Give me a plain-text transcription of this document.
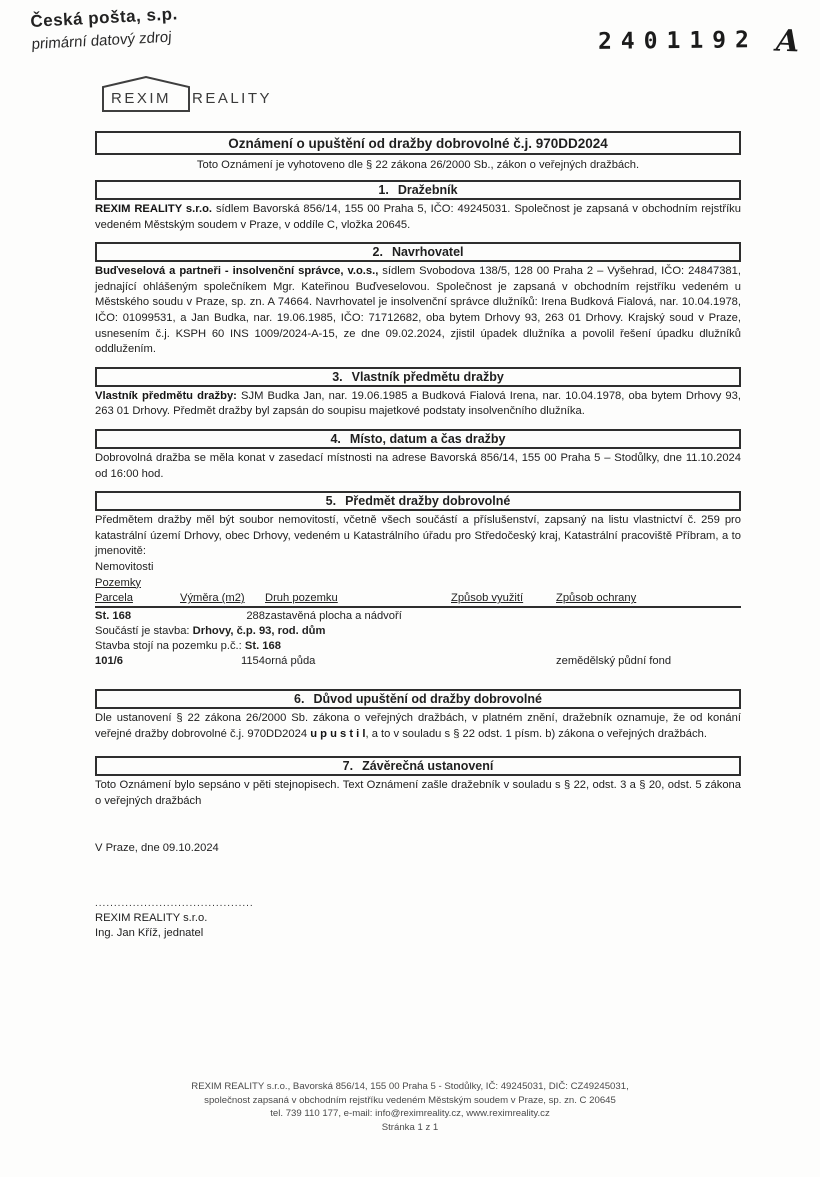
Česká pošta, s.p.
primární datový zdroj	2401192 A
REXIM REALITY
Oznámení o upuštění od dražby dobrovolné č.j. 970DD2024
Toto Oznámení je vyhotoveno dle § 22 zákona 26/2000 Sb., zákon o veřejných dražbách.
1. Dražebník

REXIM REALITY s.r.o. sídlem Bavorská 856/14, 155 00 Praha 5, IČO: 49245031. Společnost je zapsaná v obchodním rejstříku vedeném Městským soudem v Praze, v oddíle C, vložka 20645.

2. Navrhovatel

Buďveselová a partneři - insolvenční správce, v.o.s., sídlem Svobodova 138/5, 128 00 Praha 2 – Vyšehrad, IČO: 24847381, jednající ohlášeným společníkem Mgr. Kateřinou Buďveselovou. Společnost je zapsaná v obchodním rejstříku vedeném u Městského soudu v Praze, sp. zn. A 74664. Navrhovatel je insolvenční správce dlužníků: Irena Budková Fialová, nar. 10.04.1978, IČO: 01099531, a Jan Budka, nar. 19.06.1985, IČO: 71712682, oba bytem Drhovy 93, 263 01 Drhovy. Krajský soud v Praze, usnesením č.j. KSPH 60 INS 1009/2024-A-15, ze dne 09.02.2024, zjistil úpadek dlužníka a povolil řešení úpadku dlužníků oddlužením.

3. Vlastník předmětu dražby

Vlastník předmětu dražby: SJM Budka Jan, nar. 19.06.1985 a Budková Fialová Irena, nar. 10.04.1978, oba bytem Drhovy 93, 263 01 Drhovy. Předmět dražby byl zapsán do soupisu majetkové podstaty insolvenčního dlužníka.

4. Místo, datum a čas dražby

Dobrovolná dražba se měla konat v zasedací místnosti na adrese Bavorská 856/14, 155 00 Praha 5 – Stodůlky, dne 11.10.2024 od 16:00 hod.

5. Předmět dražby dobrovolné

Předmětem dražby měl být soubor nemovitostí, včetně všech součástí a příslušenství, zapsaný na listu vlastnictví č. 259 pro katastrální území Drhovy, obec Drhovy, vedeném u Katastrálního úřadu pro Středočeský kraj, Katastrální pracoviště Příbram, a to jmenovitě:

Nemovitosti

Pozemky

Parcela	Výměra (m2)	Druh pozemku	Způsob využití	Způsob ochrany
St. 168	288	zastavěná plocha a nádvoří		
Součástí je stavba: Drhovy, č.p. 93, rod. dům				
Stavba stojí na pozemku p.č.: St. 168				
101/6	1154	orná půda		zemědělský půdní fond
6. Důvod upuštění od dražby dobrovolné

Dle ustanovení § 22 zákona 26/2000 Sb. zákona o veřejných dražbách, v platném znění, dražebník oznamuje, že od konání veřejné dražby dobrovolné č.j. 970DD2024 u p u s t i l, a to v souladu s § 22 odst. 1 písm. b) zákona o veřejných dražbách.

7. Závěrečná ustanovení

Toto Oznámení bylo sepsáno v pěti stejnopisech. Text Oznámení zašle dražebník v souladu s § 22, odst. 3 a § 20, odst. 5 zákona o veřejných dražbách

V Praze, dne 09.10.2024
..........................................
REXIM REALITY s.r.o.
Ing. Jan Kříž, jednatel
REXIM REALITY s.r.o., Bavorská 856/14, 155 00 Praha 5 - Stodůlky, IČ: 49245031, DIČ: CZ49245031,
společnost zapsaná v obchodním rejstříku vedeném Městským soudem v Praze, sp. zn. C 20645
tel. 739 110 177, e-mail: info@reximreality.cz, www.reximreality.cz
Stránka 1 z 1
